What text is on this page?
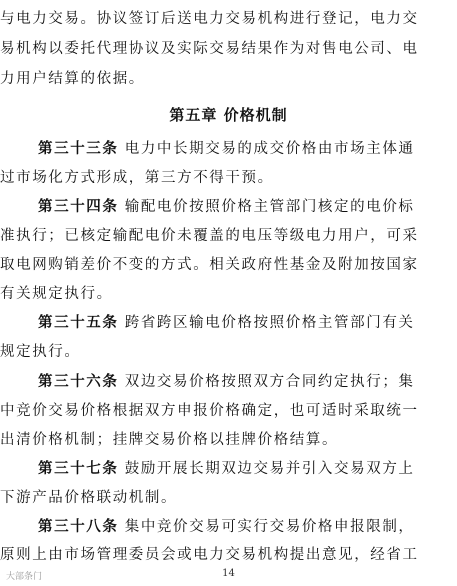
与电力交易。协议签订后送电力交易机构进行登记，电力交
易机构以委托代理协议及实际交易结果作为对售电公司、电
力用户结算的依据。
第五章 价格机制
第三十三条 电力中长期交易的成交价格由市场主体通
过市场化方式形成，第三方不得干预。
第三十四条 输配电价按照价格主管部门核定的电价标
准执行；已核定输配电价未覆盖的电压等级电力用户，可采
取电网购销差价不变的方式。相关政府性基金及附加按国家
有关规定执行。
第三十五条 跨省跨区输电价格按照价格主管部门有关
规定执行。
第三十六条 双边交易价格按照双方合同约定执行；集
中竞价交易价格根据双方申报价格确定，也可适时采取统一
出清价格机制；挂牌交易价格以挂牌价格结算。
第三十七条 鼓励开展长期双边交易并引入交易双方上
下游产品价格联动机制。
第三十八条 集中竞价交易可实行交易价格申报限制，
原则上由市场管理委员会或电力交易机构提出意见，经省工
14
大部条门
